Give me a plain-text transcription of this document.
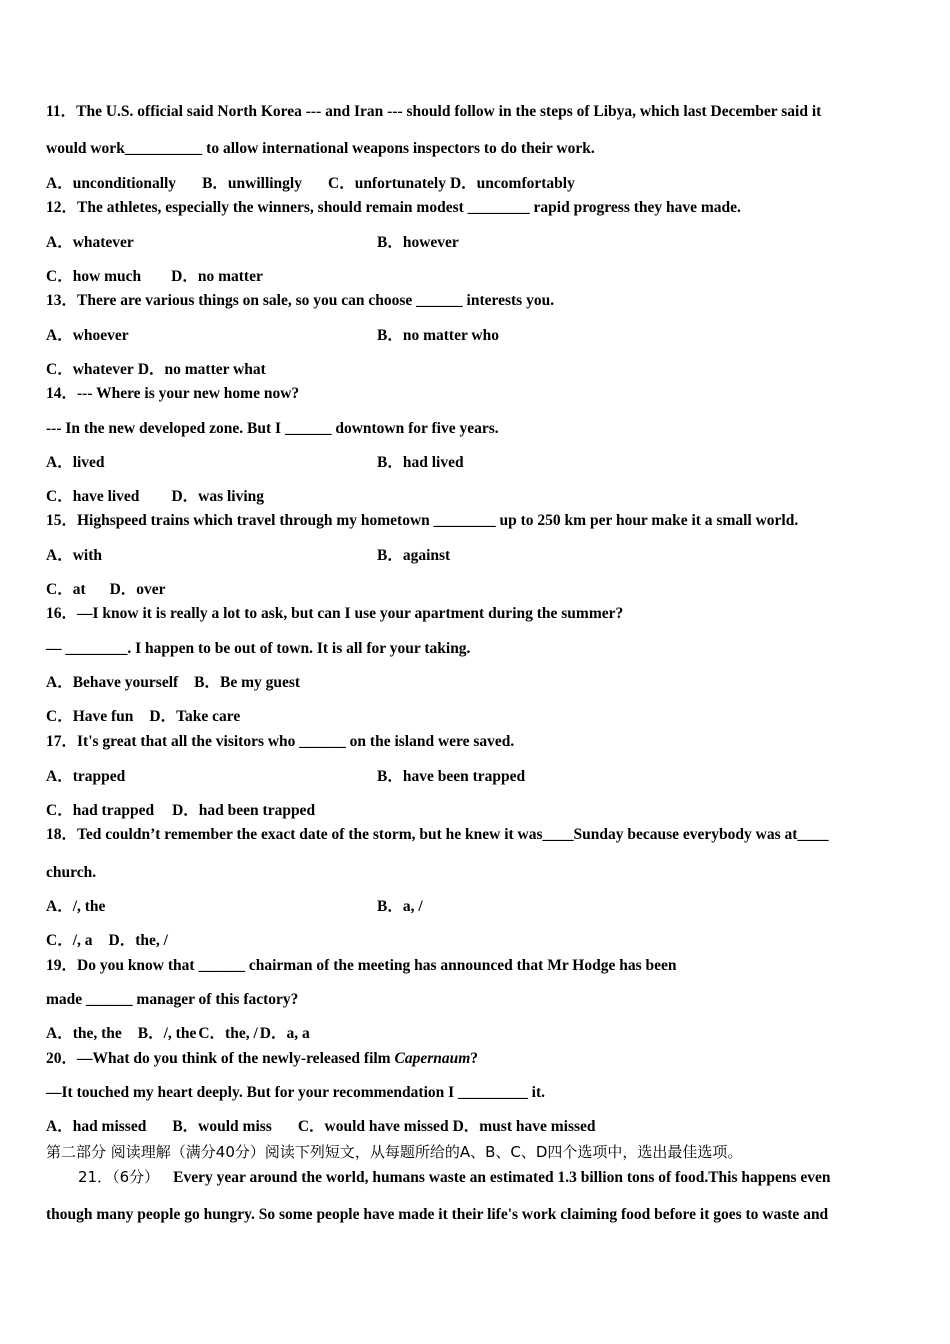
11．The U.S. official said North Korea --- and Iran --- should follow in the steps of Libya, which last December said it
would work__________ to allow international weapons inspectors to do their work.
A．unconditionally B．unwillingly C．unfortunately D．uncomfortably
12．The athletes, especially the winners, should remain modest ________ rapid progress they have made.
A．whatever	B．however
C．how much D．no matter
13．There are various things on sale, so you can choose ______ interests you.
A．whoever	B．no matter who
C．whatever D．no matter what
14．--- Where is your new home now?
--- In the new developed zone. But I ______ downtown for five years.
A．lived	B．had lived
C．have lived D．was living
15．Highspeed trains which travel through my hometown ________ up to 250 km per hour make it a small world.
A．with	B．against
C．at D．over
16．—I know it is really a lot to ask, but can I use your apartment during the summer?
— ________. I happen to be out of town. It is all for your taking.
A．Behave yourself B．Be my guest
C．Have fun D．Take care
17．It's great that all the visitors who ______ on the island were saved.
A．trapped	B．have been trapped
C．had trapped D．had been trapped
18．Ted couldn’t remember the exact date of the storm, but he knew it was____Sunday because everybody was at____
church.
A．/, the	B．a, /
C．/, a D．the, /
19．Do you know that ______ chairman of the meeting has announced that Mr Hodge has been
made ______ manager of this factory?
A．the, the B．/, the C．the, / D．a, a
20．—What do you think of the newly-released film Capernaum?
—It touched my heart deeply. But for your recommendation I _________ it.
A．had missed B．would miss C．would have missed D．must have missed
第二部分 阅读理解（满分40分）阅读下列短文，从每题所给的A、B、C、D四个选项中，选出最佳选项。
21．（6分） Every year around the world, humans waste an estimated 1.3 billion tons of food.This happens even
though many people go hungry. So some people have made it their life's work claiming food before it goes to waste and
